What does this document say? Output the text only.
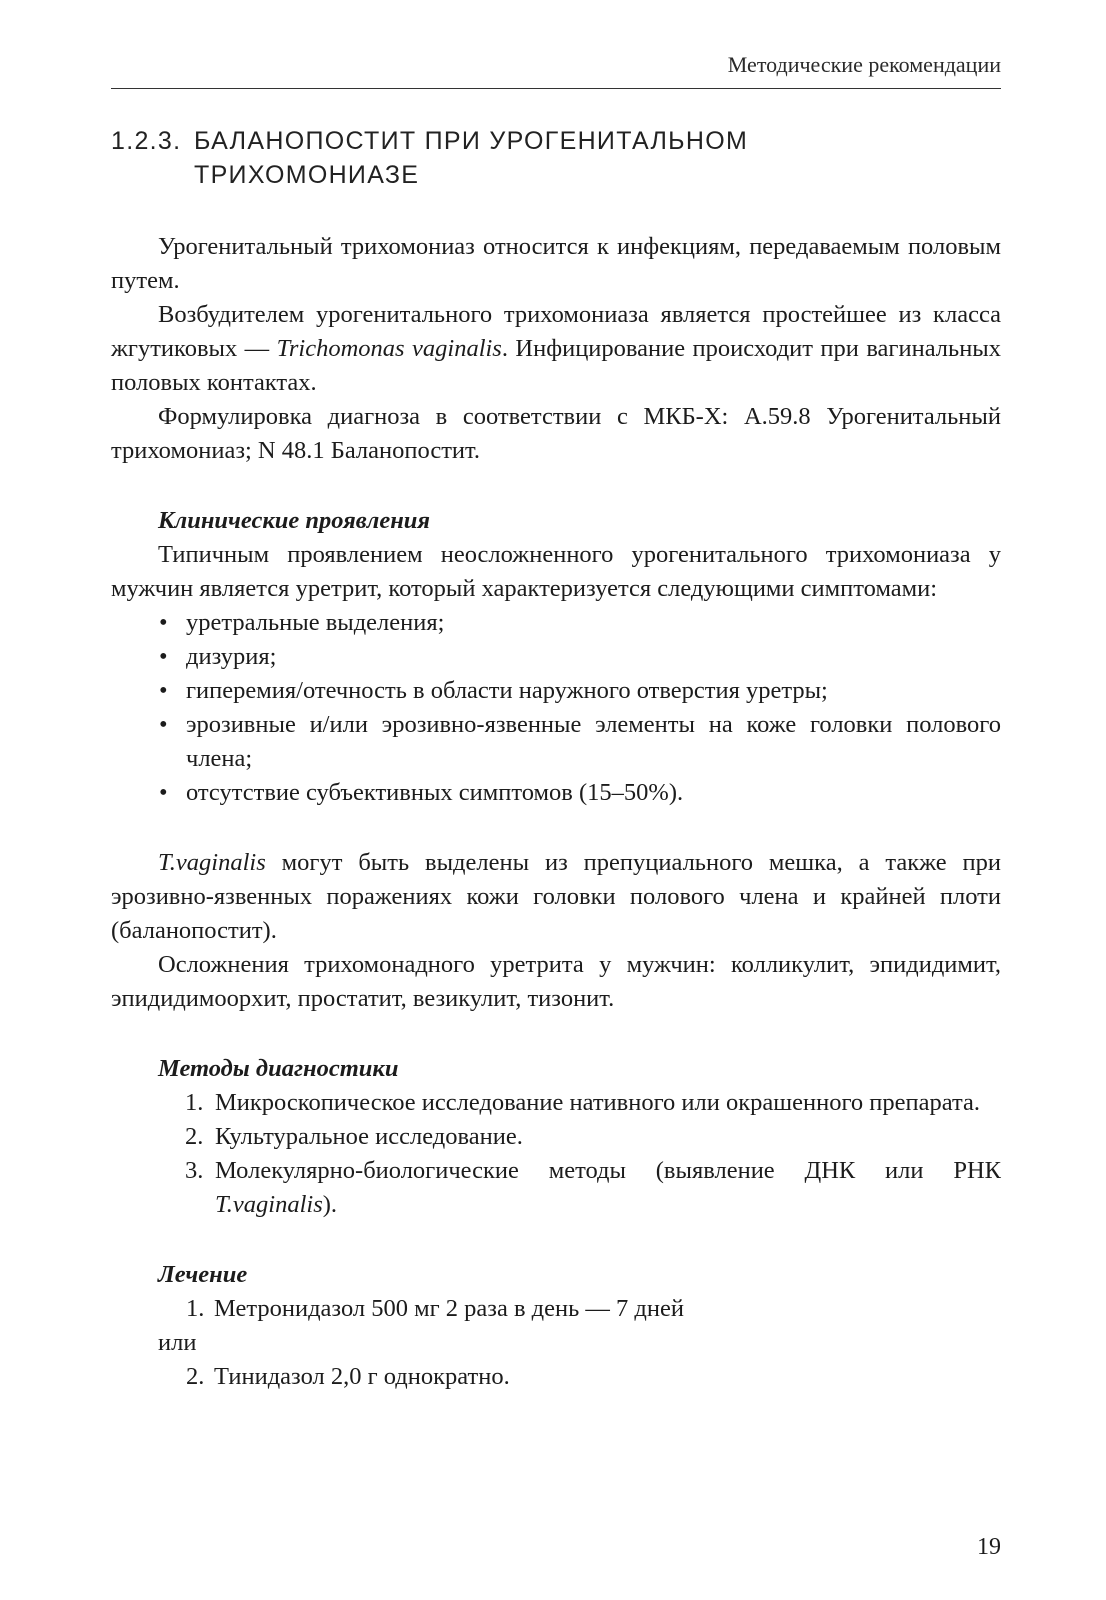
Методические рекомендации
1.2.3. БАЛАНОПОСТИТ ПРИ УРОГЕНИТАЛЬНОМ
ТРИХОМОНИАЗЕ

Урогенитальный трихомониаз относится к инфекциям, передаваемым половым путем.

Возбудителем урогенитального трихомониаза является простейшее из класса жгутиковых — Trichomonas vaginalis. Инфицирование происходит при вагинальных половых контактах.

Формулировка диагноза в соответствии с МКБ-Х: А.59.8 Урогенитальный трихомониаз; N 48.1 Баланопостит.

Клинические проявления

Типичным проявлением неосложненного урогенитального трихомониаза у мужчин является уретрит, который характеризуется следующими симптомами:

• уретральные выделения;
• дизурия;
• гиперемия/отечность в области наружного отверстия уретры;
• эрозивные и/или эрозивно-язвенные элементы на коже головки полового члена;
• отсутствие субъективных симптомов (15–50%).

T.vaginalis могут быть выделены из препуциального мешка, а также при эрозивно-язвенных поражениях кожи головки полового члена и крайней плоти (баланопостит).

Осложнения трихомонадного уретрита у мужчин: колликулит, эпидидимит, эпидидимоорхит, простатит, везикулит, тизонит.

Методы диагностики

1. Микроскопическое исследование нативного или окрашенного препарата.
2. Культуральное исследование.
3. Молекулярно-биологические методы (выявление ДНК или РНК T.vaginalis).

Лечение

1. Метронидазол 500 мг 2 раза в день — 7 дней

или

2. Тинидазол 2,0 г однократно.

19
